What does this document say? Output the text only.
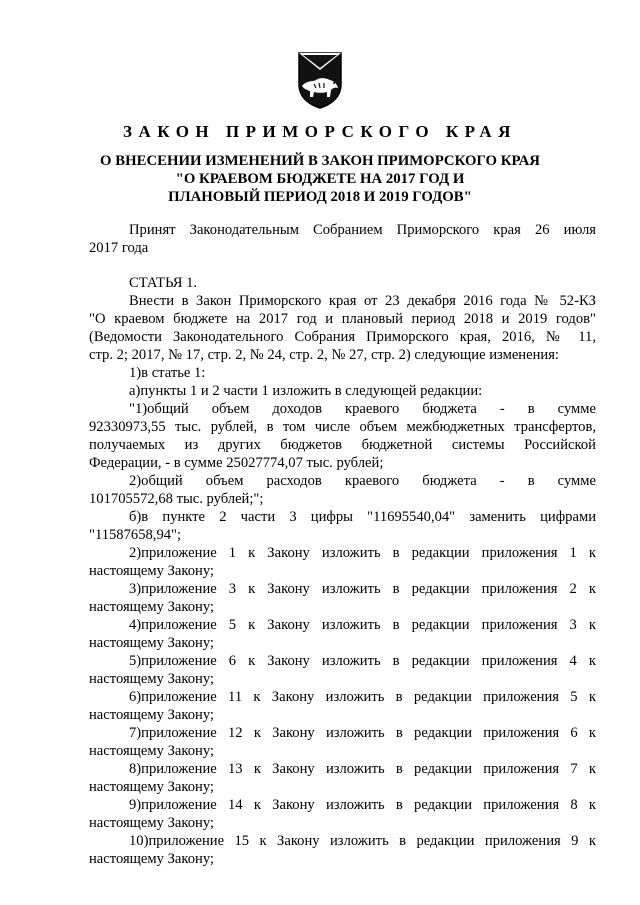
ЗАКОН ПРИМОРСКОГО КРАЯ
О ВНЕСЕНИИ ИЗМЕНЕНИЙ В ЗАКОН ПРИМОРСКОГО КРАЯ
"О КРАЕВОМ БЮДЖЕТЕ НА 2017 ГОД И
ПЛАНОВЫЙ ПЕРИОД 2018 И 2019 ГОДОВ"
Принят Законодательным Собранием Приморского края 26 июля
2017 года
СТАТЬЯ 1.
Внести в Закон Приморского края от 23 декабря 2016 года № 52-КЗ
"О краевом бюджете на 2017 год и плановый период 2018 и 2019 годов"
(Ведомости Законодательного Собрания Приморского края, 2016, № 11,
стр. 2; 2017, № 17, стр. 2, № 24, стр. 2, № 27, стр. 2) следующие изменения:
1)в статье 1:
а)пункты 1 и 2 части 1 изложить в следующей редакции:
"1)общий объем доходов краевого бюджета - в сумме
92330973,55 тыс. рублей, в том числе объем межбюджетных трансфертов,
получаемых из других бюджетов бюджетной системы Российской
Федерации, - в сумме 25027774,07 тыс. рублей;
2)общий объем расходов краевого бюджета - в сумме
101705572,68 тыс. рублей;";
б)в пункте 2 части 3 цифры "11695540,04" заменить цифрами
"11587658,94";
2)приложение 1 к Закону изложить в редакции приложения 1 к
настоящему Закону;
3)приложение 3 к Закону изложить в редакции приложения 2 к
настоящему Закону;
4)приложение 5 к Закону изложить в редакции приложения 3 к
настоящему Закону;
5)приложение 6 к Закону изложить в редакции приложения 4 к
настоящему Закону;
6)приложение 11 к Закону изложить в редакции приложения 5 к
настоящему Закону;
7)приложение 12 к Закону изложить в редакции приложения 6 к
настоящему Закону;
8)приложение 13 к Закону изложить в редакции приложения 7 к
настоящему Закону;
9)приложение 14 к Закону изложить в редакции приложения 8 к
настоящему Закону;
10)приложение 15 к Закону изложить в редакции приложения 9 к
настоящему Закону;
